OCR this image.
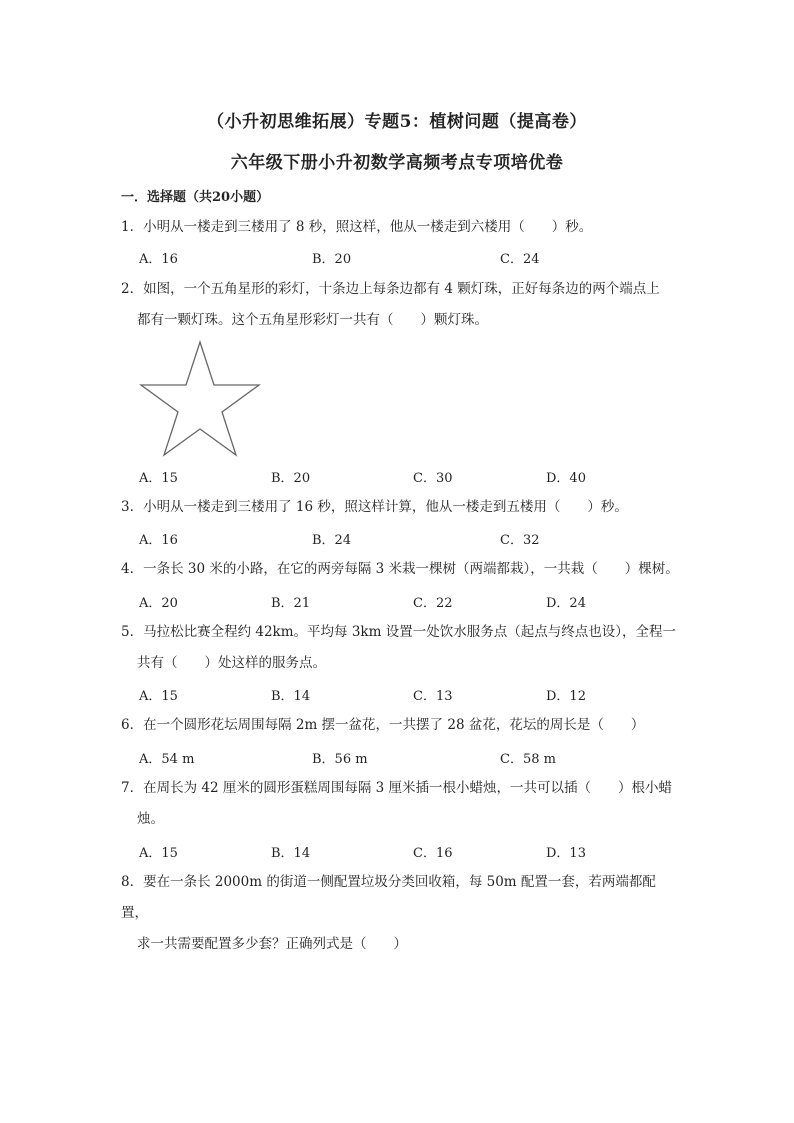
（小升初思维拓展）专题5：植树问题（提高卷）
六年级下册小升初数学高频考点专项培优卷
一．选择题（共20小题）
1．小明从一楼走到三楼用了 8 秒，照这样，他从一楼走到六楼用（　　）秒。
A．16	B．20	C．24
2．如图，一个五角星形的彩灯，十条边上每条边都有 4 颗灯珠，正好每条边的两个端点上
都有一颗灯珠。这个五角星形彩灯一共有（　　）颗灯珠。
A．15	B．20	C．30	D．40
3．小明从一楼走到三楼用了 16 秒，照这样计算，他从一楼走到五楼用（　　）秒。
A．16	B．24	C．32
4．一条长 30 米的小路，在它的两旁每隔 3 米栽一棵树（两端都栽），一共栽（　　）棵树。
A．20	B．21	C．22	D．24
5．马拉松比赛全程约 42km。平均每 3km 设置一处饮水服务点（起点与终点也设），全程一
共有（　　）处这样的服务点。
A．15	B．14	C．13	D．12
6．在一个圆形花坛周围每隔 2m 摆一盆花，一共摆了 28 盆花，花坛的周长是（　　）
A．54 m	B．56 m	C．58 m
7．在周长为 42 厘米的圆形蛋糕周围每隔 3 厘米插一根小蜡烛，一共可以插（　　）根小蜡
烛。
A．15	B．14	C．16	D．13
8．要在一条长 2000m 的街道一侧配置垃圾分类回收箱，每 50m 配置一套，若两端都配置，
求一共需要配置多少套？正确列式是（　　）
